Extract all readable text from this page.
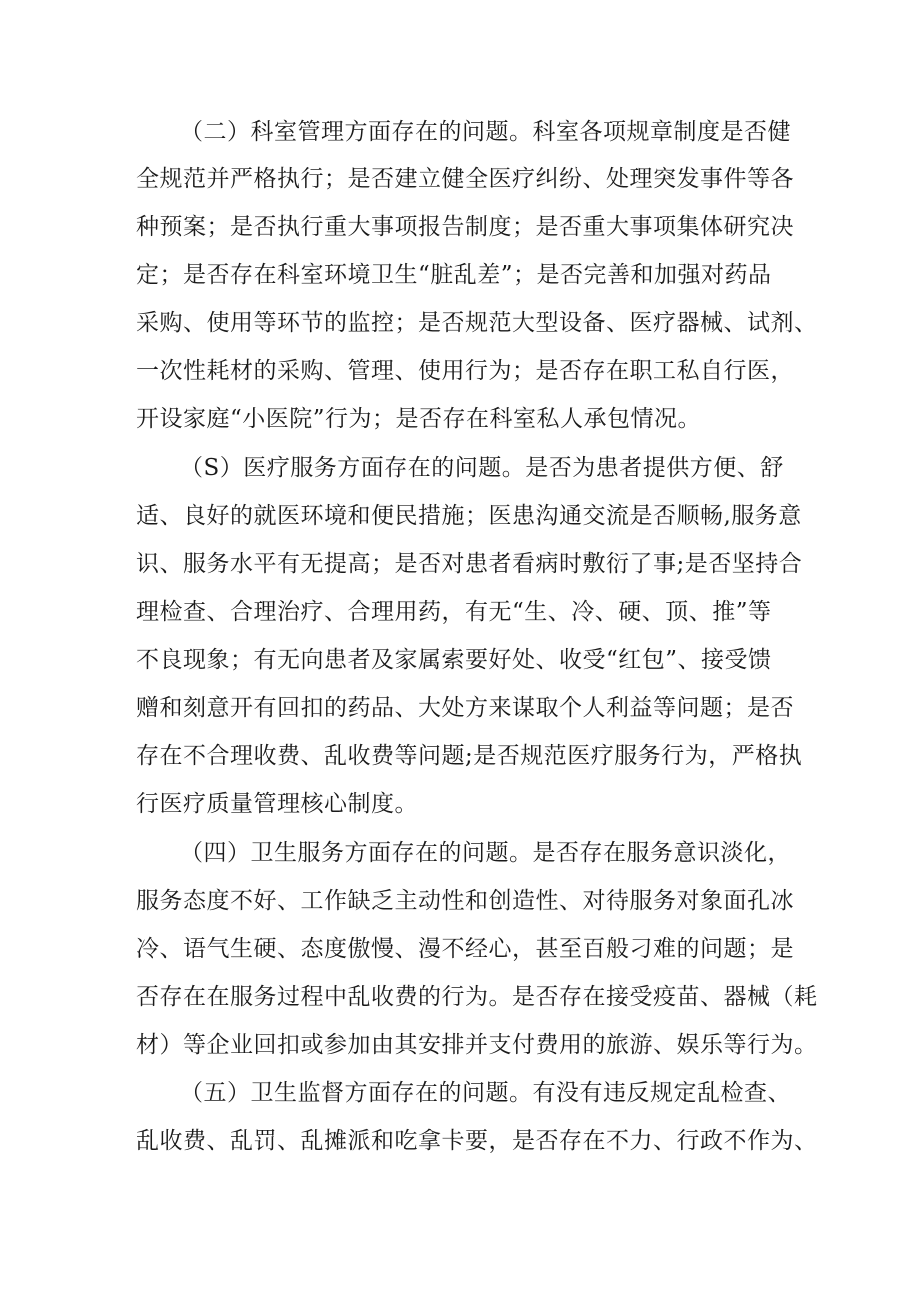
（二）科室管理方面存在的问题。科室各项规章制度是否健
全规范并严格执行；是否建立健全医疗纠纷、处理突发事件等各
种预案；是否执行重大事项报告制度；是否重大事项集体研究决
定；是否存在科室环境卫生“脏乱差”；是否完善和加强对药品
采购、使用等环节的监控；是否规范大型设备、医疗器械、试剂、
一次性耗材的采购、管理、使用行为；是否存在职工私自行医，
开设家庭“小医院”行为；是否存在科室私人承包情况。
（S）医疗服务方面存在的问题。是否为患者提供方便、舒
适、良好的就医环境和便民措施；医患沟通交流是否顺畅,服务意
识、服务水平有无提高；是否对患者看病时敷衍了事;是否坚持合
理检查、合理治疗、合理用药，有无“生、冷、硬、顶、推”等
不良现象；有无向患者及家属索要好处、收受“红包”、接受馈
赠和刻意开有回扣的药品、大处方来谋取个人利益等问题；是否
存在不合理收费、乱收费等问题;是否规范医疗服务行为，严格执
行医疗质量管理核心制度。
（四）卫生服务方面存在的问题。是否存在服务意识淡化，
服务态度不好、工作缺乏主动性和创造性、对待服务对象面孔冰
冷、语气生硬、态度傲慢、漫不经心，甚至百般刁难的问题；是
否存在在服务过程中乱收费的行为。是否存在接受疫苗、器械（耗
材）等企业回扣或参加由其安排并支付费用的旅游、娱乐等行为。
（五）卫生监督方面存在的问题。有没有违反规定乱检查、
乱收费、乱罚、乱摊派和吃拿卡要，是否存在不力、行政不作为、
